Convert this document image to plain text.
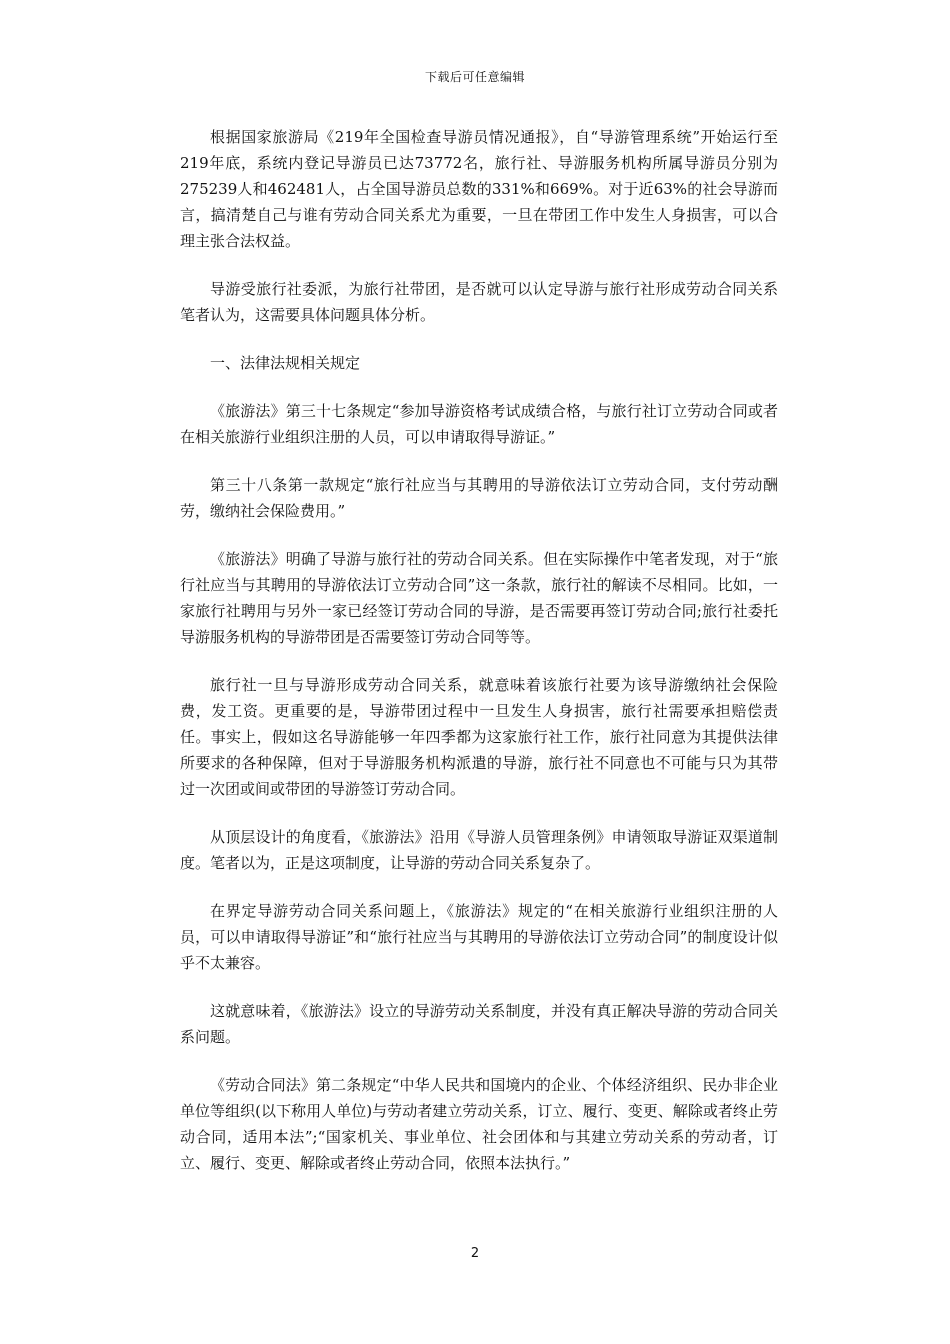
下载后可任意编辑

根据国家旅游局《219年全国检查导游员情况通报》，自“导游管理系统”开始运行至219年底，系统内登记导游员已达73772名，旅行社、导游服务机构所属导游员分别为275239人和462481人，占全国导游员总数的331%和669%。对于近63%的社会导游而言，搞清楚自己与谁有劳动合同关系尤为重要，一旦在带团工作中发生人身损害，可以合理主张合法权益。

导游受旅行社委派，为旅行社带团，是否就可以认定导游与旅行社形成劳动合同关系笔者认为，这需要具体问题具体分析。

一、法律法规相关规定

《旅游法》第三十七条规定“参加导游资格考试成绩合格，与旅行社订立劳动合同或者在相关旅游行业组织注册的人员，可以申请取得导游证。”

第三十八条第一款规定“旅行社应当与其聘用的导游依法订立劳动合同，支付劳动酬劳，缴纳社会保险费用。”

《旅游法》明确了导游与旅行社的劳动合同关系。但在实际操作中笔者发现，对于“旅行社应当与其聘用的导游依法订立劳动合同”这一条款，旅行社的解读不尽相同。比如，一家旅行社聘用与另外一家已经签订劳动合同的导游，是否需要再签订劳动合同;旅行社委托导游服务机构的导游带团是否需要签订劳动合同等等。

旅行社一旦与导游形成劳动合同关系，就意味着该旅行社要为该导游缴纳社会保险费，发工资。更重要的是，导游带团过程中一旦发生人身损害，旅行社需要承担赔偿责任。事实上，假如这名导游能够一年四季都为这家旅行社工作，旅行社同意为其提供法律所要求的各种保障，但对于导游服务机构派遣的导游，旅行社不同意也不可能与只为其带过一次团或间或带团的导游签订劳动合同。

从顶层设计的角度看，《旅游法》沿用《导游人员管理条例》申请领取导游证双渠道制度。笔者以为，正是这项制度，让导游的劳动合同关系复杂了。

在界定导游劳动合同关系问题上，《旅游法》规定的“在相关旅游行业组织注册的人员，可以申请取得导游证”和“旅行社应当与其聘用的导游依法订立劳动合同”的制度设计似乎不太兼容。

这就意味着，《旅游法》设立的导游劳动关系制度，并没有真正解决导游的劳动合同关系问题。

《劳动合同法》第二条规定“中华人民共和国境内的企业、个体经济组织、民办非企业单位等组织(以下称用人单位)与劳动者建立劳动关系，订立、履行、变更、解除或者终止劳动合同，适用本法”;“国家机关、事业单位、社会团体和与其建立劳动关系的劳动者，订立、履行、变更、解除或者终止劳动合同，依照本法执行。”

2
